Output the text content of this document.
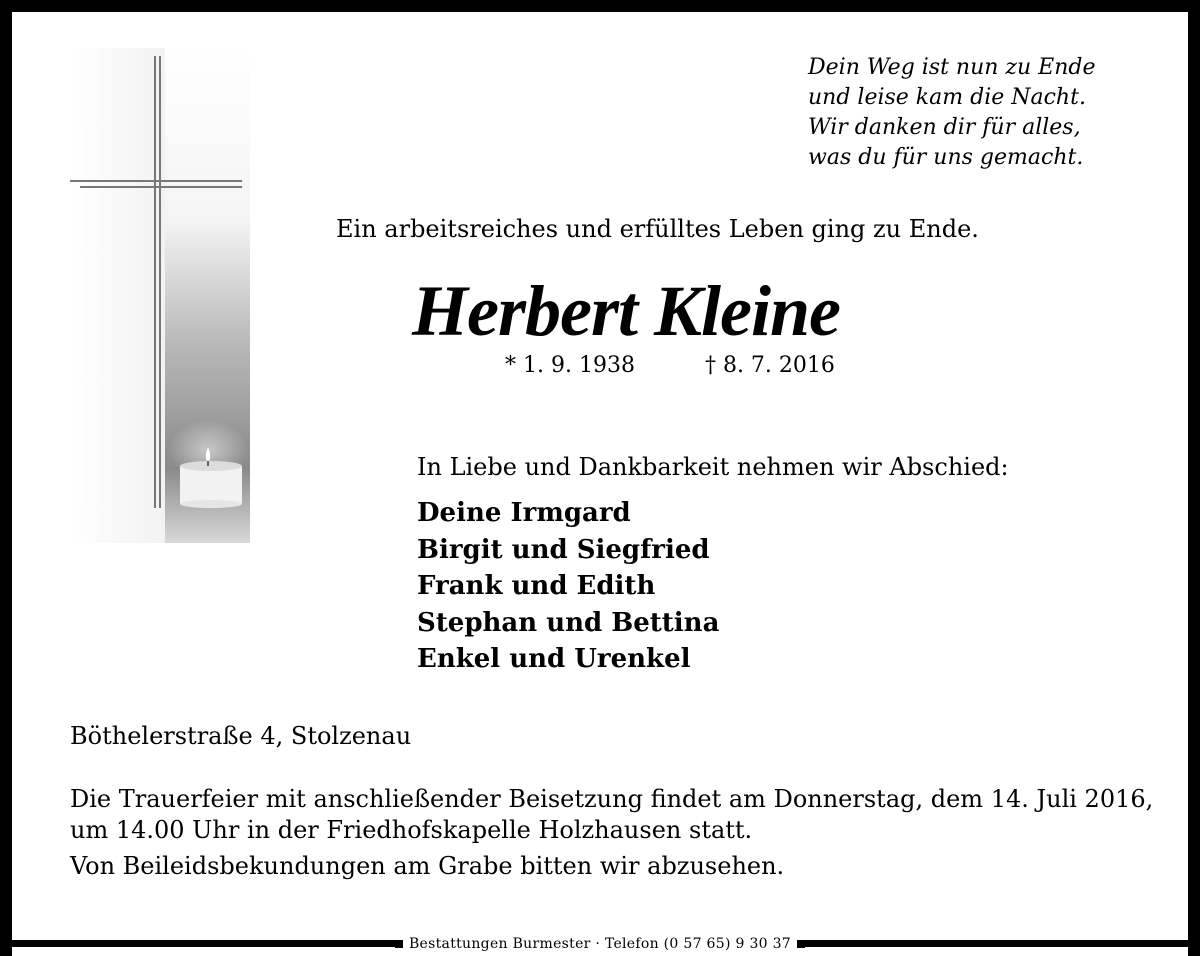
Dein Weg ist nun zu Ende
und leise kam die Nacht.
Wir danken dir für alles,
was du für uns gemacht.
Ein arbeitsreiches und erfülltes Leben ging zu Ende.
Herbert Kleine
* 1. 9. 1938	† 8. 7. 2016
In Liebe und Dankbarkeit nehmen wir Abschied:
Deine Irmgard
Birgit und Siegfried
Frank und Edith
Stephan und Bettina
Enkel und Urenkel
Böthelerstraße 4, Stolzenau
Die Trauerfeier mit anschließender Beisetzung findet am Donnerstag, dem 14. Juli 2016,
um 14.00 Uhr in der Friedhofskapelle Holzhausen statt.
Von Beileidsbekundungen am Grabe bitten wir abzusehen.
Bestattungen Burmester · Telefon (0 57 65) 9 30 37
